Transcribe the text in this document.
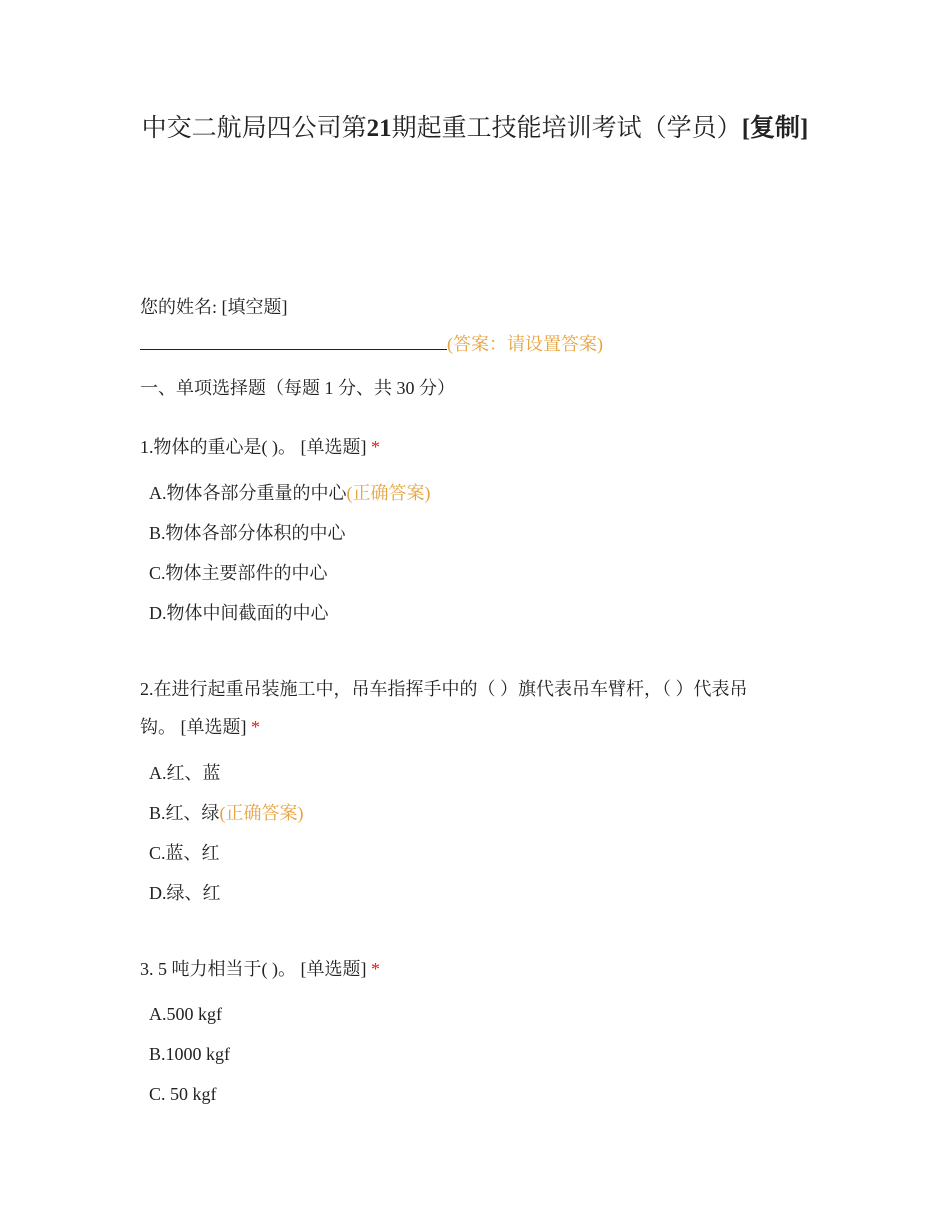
中交二航局四公司第21期起重工技能培训考试（学员）[复制]
您的姓名: [填空题]
(答案：请设置答案)
一、单项选择题（每题 1 分、共 30 分）
1.物体的重心是( )。 [单选题] *
A.物体各部分重量的中心(正确答案)
B.物体各部分体积的中心
C.物体主要部件的中心
D.物体中间截面的中心
2.在进行起重吊装施工中，吊车指挥手中的（ ）旗代表吊车臂杆，（ ）代表吊
钩。 [单选题] *
A.红、蓝
B.红、绿(正确答案)
C.蓝、红
D.绿、红
3. 5 吨力相当于( )。 [单选题] *
A.500 kgf
B.1000 kgf
C. 50 kgf
